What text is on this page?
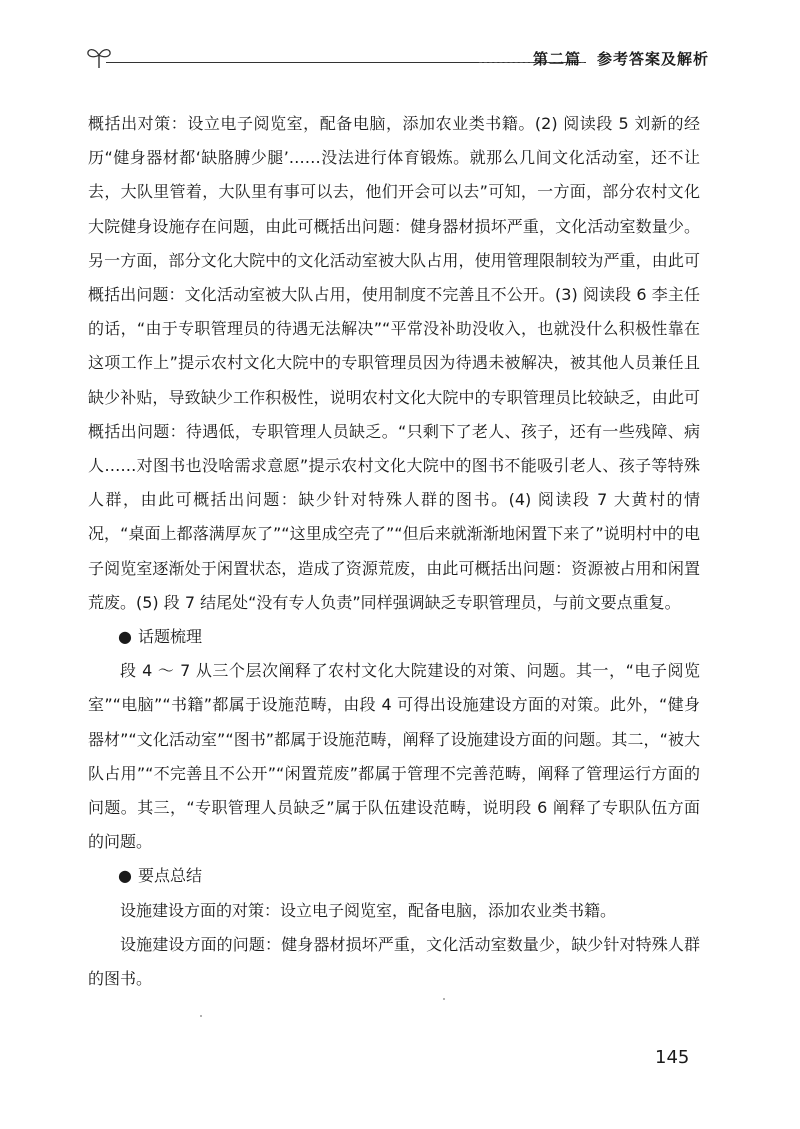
第二篇　参考答案及解析

概括出对策：设立电子阅览室，配备电脑，添加农业类书籍。(2) 阅读段 5 刘新的经历“健身器材都‘缺胳膊少腿’……没法进行体育锻炼。就那么几间文化活动室，还不让去，大队里管着，大队里有事可以去，他们开会可以去”可知，一方面，部分农村文化大院健身设施存在问题，由此可概括出问题：健身器材损坏严重，文化活动室数量少。另一方面，部分文化大院中的文化活动室被大队占用，使用管理限制较为严重，由此可概括出问题：文化活动室被大队占用，使用制度不完善且不公开。(3) 阅读段 6 李主任的话，“由于专职管理员的待遇无法解决”“平常没补助没收入，也就没什么积极性靠在这项工作上”提示农村文化大院中的专职管理员因为待遇未被解决，被其他人员兼任且缺少补贴，导致缺少工作积极性，说明农村文化大院中的专职管理员比较缺乏，由此可概括出问题：待遇低，专职管理人员缺乏。“只剩下了老人、孩子，还有一些残障、病人……对图书也没啥需求意愿”提示农村文化大院中的图书不能吸引老人、孩子等特殊人群，由此可概括出问题：缺少针对特殊人群的图书。(4) 阅读段 7 大黄村的情况，“桌面上都落满厚灰了”“这里成空壳了”“但后来就渐渐地闲置下来了”说明村中的电子阅览室逐渐处于闲置状态，造成了资源荒废，由此可概括出问题：资源被占用和闲置荒废。(5) 段 7 结尾处“没有专人负责”同样强调缺乏专职管理员，与前文要点重复。

● 话题梳理

段 4 ～ 7 从三个层次阐释了农村文化大院建设的对策、问题。其一，“电子阅览室”“电脑”“书籍”都属于设施范畴，由段 4 可得出设施建设方面的对策。此外，“健身器材”“文化活动室”“图书”都属于设施范畴，阐释了设施建设方面的问题。其二，“被大队占用”“不完善且不公开”“闲置荒废”都属于管理不完善范畴，阐释了管理运行方面的问题。其三，“专职管理人员缺乏”属于队伍建设范畴，说明段 6 阐释了专职队伍方面的问题。

● 要点总结

设施建设方面的对策：设立电子阅览室，配备电脑，添加农业类书籍。

设施建设方面的问题：健身器材损坏严重，文化活动室数量少，缺少针对特殊人群的图书。

145
